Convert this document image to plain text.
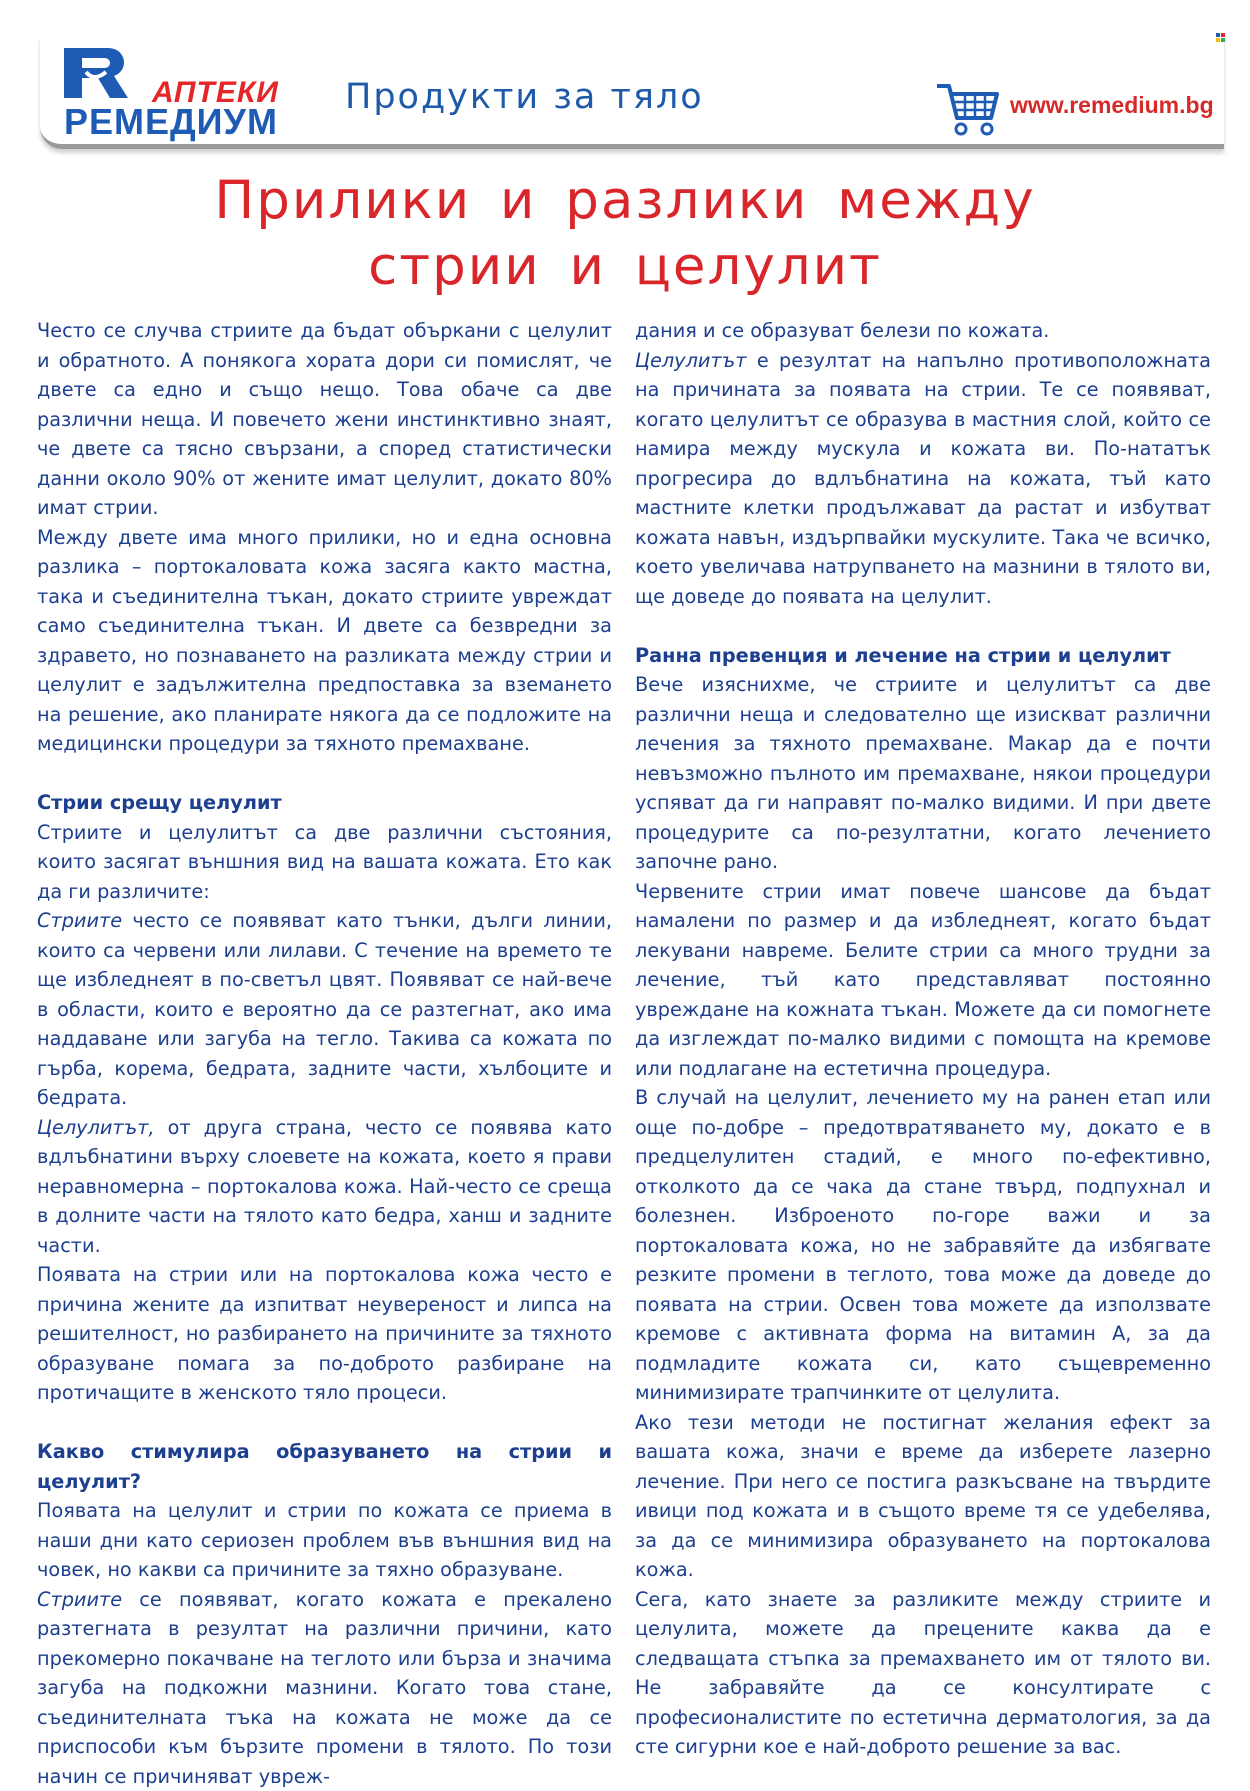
АПТЕКИ
РЕМЕДИУМ
Продукти за тяло	www.remedium.bg
Прилики и разлики между
стрии и целулит

Често се случва стриите да бъдат объркани с целулит и обратното. А понякога хората дори си помислят, че двете са едно и също нещо. Това обаче са две различни неща. И повечето жени инстинктивно знаят, че двете са тясно свързани, а според статистически данни около 90% от жените имат целулит, докато 80% имат стрии.

Между двете има много прилики, но и една основна разлика – портокаловата кожа засяга както мастна, така и съединителна тъкан, докато стриите увреждат само съединителна тъкан. И двете са безвредни за здравето, но познаването на разликата между стрии и целулит е задължителна предпоставка за вземането на решение, ако планирате някога да се подложите на медицински процедури за тяхното премахване.

Стрии срещу целулит

Стриите и целулитът са две различни състояния, които засягат външния вид на вашата кожата. Ето как да ги различите:

Стриите често се появяват като тънки, дълги линии, които са червени или лилави. С течение на времето те ще избледнеят в по-светъл цвят. Появяват се най-вече в области, които е вероятно да се разтегнат, ако има наддаване или загуба на тегло. Такива са кожата по гърба, корема, бедрата, задните части, хълбоците и бедрата.

Целулитът, от друга страна, често се появява като вдлъбнатини върху слоевете на кожата, което я прави неравномерна – портокалова кожа. Най-често се среща в долните части на тялото като бедра, ханш и задните части.

Появата на стрии или на портокалова кожа често е причина жените да изпитват неувереност и липса на решителност, но разбирането на причините за тяхното образуване помага за по-доброто разбиране на протичащите в женското тяло процеси.

Какво стимулира образуването на стрии и целулит?

Появата на целулит и стрии по кожата се приема в наши дни като сериозен проблем във външния вид на човек, но какви са причините за тяхно образуване.

Стриите се появяват, когато кожата е прекалено разтегната в резултат на различни причини, като прекомерно покачване на теглото или бърза и значима загуба на подкожни мазнини. Когато това стане, съединителната тъка на кожата не може да се приспособи към бързите промени в тялото. По този начин се причиняват увреж-

дания и се образуват белези по кожата.

Целулитът е резултат на напълно противоположната на причината за появата на стрии. Те се появяват, когато целулитът се образува в мастния слой, който се намира между мускула и кожата ви. По-нататък прогресира до вдлъбнатина на кожата, тъй като мастните клетки продължават да растат и избутват кожата навън, издърпвайки мускулите. Така че всичко, което увеличава натрупването на мазнини в тялото ви, ще доведе до появата на целулит.

Ранна превенция и лечение на стрии и целулит

Вече изяснихме, че стриите и целулитът са две различни неща и следователно ще изискват различни лечения за тяхното премахване. Макар да е почти невъзможно пълното им премахване, някои процедури успяват да ги направят по-малко видими. И при двете процедурите са по-резултатни, когато лечението започне рано.

Червените стрии имат повече шансове да бъдат намалени по размер и да избледнеят, когато бъдат лекувани навреме. Белите стрии са много трудни за лечение, тъй като представляват постоянно увреждане на кожната тъкан. Можете да си помогнете да изглеждат по-малко видими с помощта на кремове или подлагане на естетична процедура.

В случай на целулит, лечението му на ранен етап или още по-добре – предотвратяването му, докато е в предцелулитен стадий, е много по-ефективно, отколкото да се чака да стане твърд, подпухнал и болезнен. Изброеното по-горе важи и за портокаловата кожа, но не забравяйте да избягвате резките промени в теглото, това може да доведе до появата на стрии. Освен това можете да използвате кремове с активната форма на витамин А, за да подмладите кожата си, като същевременно минимизирате трапчинките от целулита.

Ако тези методи не постигнат желания ефект за вашата кожа, значи е време да изберете лазерно лечение. При него се постига разкъсване на твърдите ивици под кожата и в същото време тя се удебелява, за да се минимизира образуването на портокалова кожа.

Сега, като знаете за разликите между стриите и целулита, можете да прецените каква да е следващата стъпка за премахването им от тялото ви. Не забравяйте да се консултирате с професионалистите по естетична дерматология, за да сте сигурни кое е най-доброто решение за вас.
